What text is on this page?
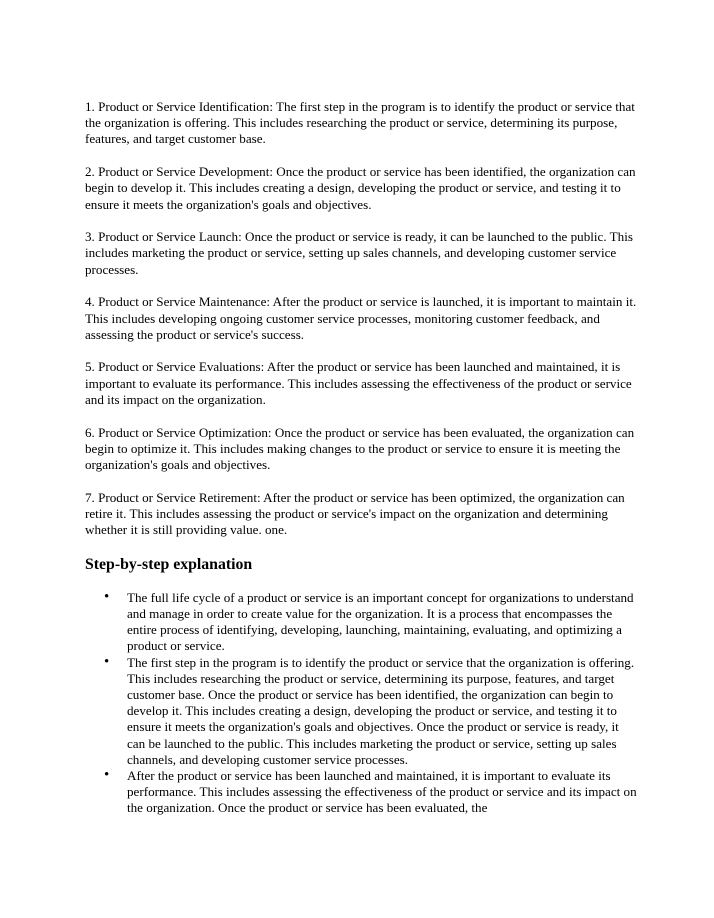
1. Product or Service Identification: The first step in the program is to identify the product or service that the organization is offering. This includes researching the product or service, determining its purpose, features, and target customer base.

2. Product or Service Development: Once the product or service has been identified, the organization can begin to develop it. This includes creating a design, developing the product or service, and testing it to ensure it meets the organization's goals and objectives.

3. Product or Service Launch: Once the product or service is ready, it can be launched to the public. This includes marketing the product or service, setting up sales channels, and developing customer service processes.

4. Product or Service Maintenance: After the product or service is launched, it is important to maintain it. This includes developing ongoing customer service processes, monitoring customer feedback, and assessing the product or service's success.

5. Product or Service Evaluations: After the product or service has been launched and maintained, it is important to evaluate its performance. This includes assessing the effectiveness of the product or service and its impact on the organization.

6. Product or Service Optimization: Once the product or service has been evaluated, the organization can begin to optimize it. This includes making changes to the product or service to ensure it is meeting the organization's goals and objectives.

7. Product or Service Retirement: After the product or service has been optimized, the organization can retire it. This includes assessing the product or service's impact on the organization and determining whether it is still providing value. one.

Step-by-step explanation
• The full life cycle of a product or service is an important concept for organizations to understand and manage in order to create value for the organization. It is a process that encompasses the entire process of identifying, developing, launching, maintaining, evaluating, and optimizing a product or service.
• The first step in the program is to identify the product or service that the organization is offering. This includes researching the product or service, determining its purpose, features, and target customer base. Once the product or service has been identified, the organization can begin to develop it. This includes creating a design, developing the product or service, and testing it to ensure it meets the organization's goals and objectives. Once the product or service is ready, it can be launched to the public. This includes marketing the product or service, setting up sales channels, and developing customer service processes.
• After the product or service has been launched and maintained, it is important to evaluate its performance. This includes assessing the effectiveness of the product or service and its impact on the organization. Once the product or service has been evaluated, the
